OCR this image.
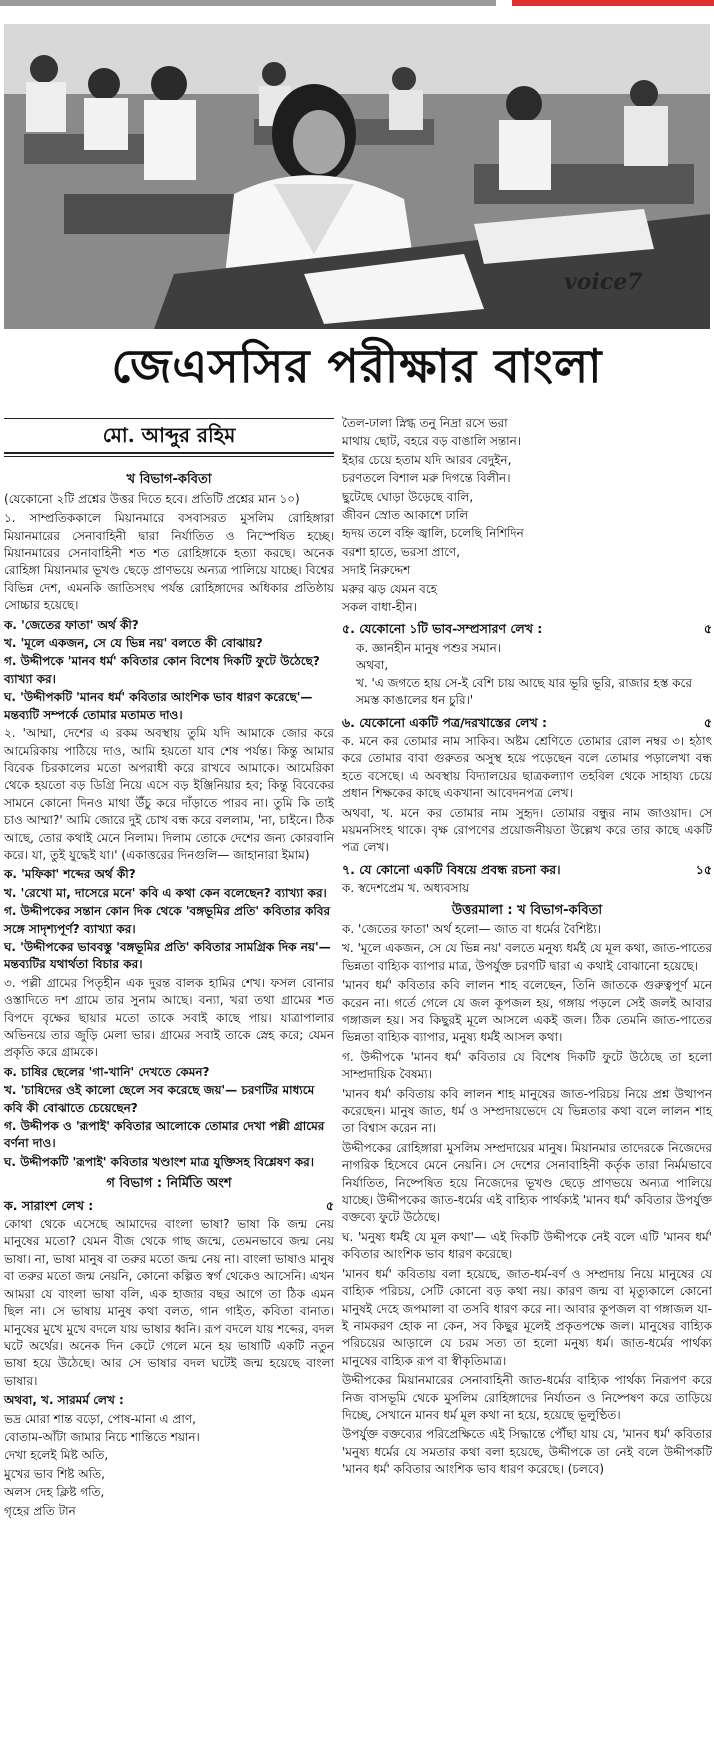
voice7
জেএসসির পরীক্ষার বাংলা
মো. আব্দুর রহিম
খ বিভাগ-কবিতা
(যেকোনো ২টি প্রশ্নের উত্তর দিতে হবে। প্রতিটি প্রশ্নের মান ১০)
১. সাম্প্রতিককালে মিয়ানমারে বসবাসরত মুসলিম রোহিঙ্গারা মিয়ানমারের সেনাবাহিনী দ্বারা নির্যাতিত ও নিস্পেষিত হচ্ছে। মিয়ানমারের সেনাবাহিনী শত শত রোহিঙ্গাকে হত্যা করছে। অনেক রোহিঙ্গা মিয়ানমার ভূখণ্ড ছেড়ে প্রাণভয়ে অন্যত্র পালিয়ে যাচ্ছে। বিশ্বের বিভিন্ন দেশ, এমনকি জাতিসংঘ পর্যন্ত রোহিঙ্গাদের অধিকার প্রতিষ্ঠায় সোচ্চার হয়েছে।
ক. 'জেতের ফাতা' অর্থ কী?
খ. 'মূলে একজন, সে যে ভিন্ন নয়' বলতে কী বোঝায়?
গ. উদ্দীপকে 'মানব ধর্ম' কবিতার কোন বিশেষ দিকটি ফুটে উঠেছে? ব্যাখ্যা কর।
ঘ. 'উদ্দীপকটি 'মানব ধর্ম' কবিতার আংশিক ভাব ধারণ করেছে'— মন্তব্যটি সম্পর্কে তোমার মতামত দাও।
২. 'আম্মা, দেশের এ রকম অবস্থায় তুমি যদি আমাকে জোর করে আমেরিকায় পাঠিয়ে দাও, আমি হয়তো যাব শেষ পর্যন্ত। কিন্তু আমার বিবেক চিরকালের মতো অপরাধী করে রাখবে আমাকে। আমেরিকা থেকে হয়তো বড় ডিগ্রি নিয়ে এসে বড় ইঞ্জিনিয়ার হব; কিন্তু বিবেকের সামনে কোনো দিনও মাথা উঁচু করে দাঁড়াতে পারব না। তুমি কি তাই চাও আম্মা?' আমি জোরে দুই চোখ বন্ধ করে বললাম, 'না, চাইনে। ঠিক আছে, তোর কথাই মেনে নিলাম। দিলাম তোকে দেশের জন্য কোরবানি করে। যা, তুই যুদ্ধেই যা।' (একাত্তরের দিনগুলি— জাহানারা ইমাম)
ক. 'মফিকা' শব্দের অর্থ কী?
খ. 'রেখো মা, দাসেরে মনে' কবি এ কথা কেন বলেছেন? ব্যাখ্যা কর।
গ. উদ্দীপকের সন্তান কোন দিক থেকে 'বঙ্গভূমির প্রতি' কবিতার কবির সঙ্গে সাদৃশ্যপূর্ণ? ব্যাখ্যা কর।
ঘ. 'উদ্দীপকের ভাববস্তু 'বঙ্গভূমির প্রতি' কবিতার সামগ্রিক দিক নয়'— মন্তব্যটির যথার্থতা বিচার কর।
৩. পল্লী গ্রামের পিতৃহীন এক দুরন্ত বালক হামির শেখ। ফসল বোনার ওস্তাদিতে দশ গ্রামে তার সুনাম আছে। বন্যা, খরা তথা গ্রামের শত বিপদে বৃক্ষের ছায়ার মতো তাকে সবাই কাছে পায়। যাত্রাপালার অভিনয়ে তার জুড়ি মেলা ভার। গ্রামের সবাই তাকে স্নেহ করে; যেমন প্রকৃতি করে গ্রামকে।
ক. চাষির ছেলের 'গা-খানি' দেখতে কেমন?
খ. 'চাষিদের ওই কালো ছেলে সব করেছে জয়'— চরণটির মাধ্যমে কবি কী বোঝাতে চেয়েছেন?
গ. উদ্দীপক ও 'রূপাই' কবিতার আলোকে তোমার দেখা পল্লী গ্রামের বর্ণনা দাও।
ঘ. উদ্দীপকটি 'রূপাই' কবিতার খণ্ডাংশ মাত্র যুক্তিসহ বিশ্লেষণ কর।
গ বিভাগ : নির্মিতি অংশ
ক. সারাংশ লেখ :	৫
কোথা থেকে এসেছে আমাদের বাংলা ভাষা? ভাষা কি জন্ম নেয় মানুষের মতো? যেমন বীজ থেকে গাছ জন্মে, তেমনভাবে জন্ম নেয় ভাষা। না, ভাষা মানুষ বা তরুর মতো জন্ম নেয় না। বাংলা ভাষাও মানুষ বা তরুর মতো জন্ম নেয়নি, কোনো কল্পিত স্বর্গ থেকেও আসেনি। এখন আমরা যে বাংলা ভাষা বলি, এক হাজার বছর আগে তা ঠিক এমন ছিল না। সে ভাষায় মানুষ কথা বলত, গান গাইত, কবিতা বানাত। মানুষের মুখে মুখে বদলে যায় ভাষার ধ্বনি। রূপ বদলে যায় শব্দের, বদল ঘটে অর্থের। অনেক দিন কেটে গেলে মনে হয় ভাষাটি একটি নতুন ভাষা হয়ে উঠেছে। আর সে ভাষার বদল ঘটেই জন্ম হয়েছে বাংলা ভাষার।
অথবা, খ. সারমর্ম লেখ :
ভদ্র মোরা শান্ত বড়ো, পোষ-মানা এ প্রাণ,
বোতাম-আঁটা জামার নিচে শান্তিতে শয়ান।
দেখা হলেই মিষ্ট অতি,
মুখের ভাব শিষ্ট অতি,
অলস দেহ ক্লিষ্ট গতি,
গৃহের প্রতি টান
তৈল-ঢালা স্নিগ্ধ তনু নিদ্রা রসে ভরা
মাথায় ছোট, বহরে বড় বাঙালি সন্তান।
ইহার চেয়ে হতাম যদি আরব বেদুইন,
চরণতলে বিশাল মরু দিগন্তে বিলীন।
ছুটেছে ঘোড়া উড়েছে বালি,
জীবন স্রোত আকাশে ঢালি
হৃদয় তলে বহ্নি জ্বালি, চলেছি নিশিদিন
বরশা হাতে, ভরসা প্রাণে,
সদাই নিরুদ্দেশ
মরুর ঝড় যেমন বহে
সকল বাধা-হীন।
৫. যেকোনো ১টি ভাব-সম্প্রসারণ লেখ :	৫
ক. জ্ঞানহীন মানুষ পশুর সমান।
অথবা,
খ. 'এ জগতে হায় সে-ই বেশি চায় আছে যার ভূরি ভূরি, রাজার হস্ত করে সমস্ত কাঙালের ধন চুরি।'
৬. যেকোনো একটি পত্র/দরখাস্তের লেখ :	৫
ক. মনে কর তোমার নাম সাকিব। অষ্টম শ্রেণিতে তোমার রোল নম্বর ৩। হঠাৎ করে তোমার বাবা গুরুতর অসুস্থ হয়ে পড়েছেন বলে তোমার পড়ালেখা বন্ধ হতে বসেছে। এ অবস্থায় বিদ্যালয়ের ছাত্রকল্যাণ তহবিল থেকে সাহায্য চেয়ে প্রধান শিক্ষকের কাছে একখানা আবেদনপত্র লেখ।
অথবা, খ. মনে কর তোমার নাম সুহৃদ। তোমার বন্ধুর নাম জাওয়াদ। সে ময়মনসিংহ থাকে। বৃক্ষ রোপণের প্রয়োজনীয়তা উল্লেখ করে তার কাছে একটি পত্র লেখ।
৭. যে কোনো একটি বিষয়ে প্রবন্ধ রচনা কর।	১৫
ক. স্বদেশপ্রেম খ. অধ্যবসায়
উত্তরমালা : খ বিভাগ-কবিতা
ক. 'জেতের ফাতা' অর্থ হলো— জাত বা ধর্মের বৈশিষ্ট্য।
খ. 'মূলে একজন, সে যে ভিন্ন নয়' বলতে মনুষ্য ধর্মই যে মূল কথা, জাত-পাতের ভিন্নতা বাহ্যিক ব্যাপার মাত্র, উপর্যুক্ত চরণটি দ্বারা এ কথাই বোঝানো হয়েছে।
'মানব ধর্ম' কবিতার কবি লালন শাহ বলেছেন, তিনি জাতকে গুরুত্বপূর্ণ মনে করেন না। গর্তে গেলে যে জল কূপজল হয়, গঙ্গায় পড়লে সেই জলই আবার গঙ্গাজল হয়। সব কিছুরই মূলে আসলে একই জল। ঠিক তেমনি জাত-পাতের ভিন্নতা বাহ্যিক ব্যাপার, মনুষ্য ধর্মই আসল কথা।
গ. উদ্দীপকে 'মানব ধর্ম' কবিতার যে বিশেষ দিকটি ফুটে উঠেছে তা হলো সাম্প্রদায়িক বৈষম্য।
'মানব ধর্ম' কবিতায় কবি লালন শাহ মানুষের জাত-পরিচয় নিয়ে প্রশ্ন উত্থাপন করেছেন। মানুষ জাত, ধর্ম ও সম্প্রদায়ভেদে যে ভিন্নতার কথা বলে লালন শাহ তা বিশ্বাস করেন না।
উদ্দীপকের রোহিঙ্গারা মুসলিম সম্প্রদায়ের মানুষ। মিয়ানমার তাদেরকে নিজেদের নাগরিক হিসেবে মেনে নেয়নি। সে দেশের সেনাবাহিনী কর্তৃক তারা নির্মমভাবে নির্যাতিত, নিষ্পেষিত হয়ে নিজেদের ভূখণ্ড ছেড়ে প্রাণভয়ে অন্যত্র পালিয়ে যাচ্ছে। উদ্দীপকের জাত-ধর্মের এই বাহ্যিক পার্থক্যই 'মানব ধর্ম' কবিতার উপর্যুক্ত বক্তব্যে ফুটে উঠেছে।
ঘ. 'মনুষ্য ধর্মই যে মূল কথা'— এই দিকটি উদ্দীপকে নেই বলে এটি 'মানব ধর্ম' কবিতার আংশিক ভাব ধারণ করেছে।
'মানব ধর্ম' কবিতায় বলা হয়েছে, জাত-ধর্ম-বর্ণ ও সম্প্রদায় নিয়ে মানুষের যে বাহ্যিক পরিচয়, সেটি কোনো বড় কথা নয়। কারণ জন্ম বা মৃত্যুকালে কোনো মানুষই দেহে জপমালা বা তসবি ধারণ করে না। আবার কূপজল বা গঙ্গাজল যা-ই নামকরণ হোক না কেন, সব কিছুর মূলেই প্রকৃতপক্ষে জল। মানুষের বাহ্যিক পরিচয়ের আড়ালে যে চরম সত্য তা হলো মনুষ্য ধর্ম। জাত-ধর্মের পার্থক্য মানুষের বাহ্যিক রূপ বা স্বীকৃতিমাত্র।
উদ্দীপকের মিয়ানমারের সেনাবাহিনী জাত-ধর্মের বাহ্যিক পার্থক্য নিরূপণ করে নিজ বাসভূমি থেকে মুসলিম রোহিঙ্গাদের নির্যাতন ও নিষ্পেষণ করে তাড়িয়ে দিচ্ছে, সেখানে মানব ধর্ম মূল কথা না হয়ে, হয়েছে ভূলুণ্ঠিত।
উপর্যুক্ত বক্তব্যের পরিপ্রেক্ষিতে এই সিদ্ধান্তে পৌঁছা যায় যে, 'মানব ধর্ম' কবিতার 'মনুষ্য ধর্মের যে সমতার কথা বলা হয়েছে, উদ্দীপকে তা নেই বলে উদ্দীপকটি 'মানব ধর্ম' কবিতার আংশিক ভাব ধারণ করেছে। (চলবে)
